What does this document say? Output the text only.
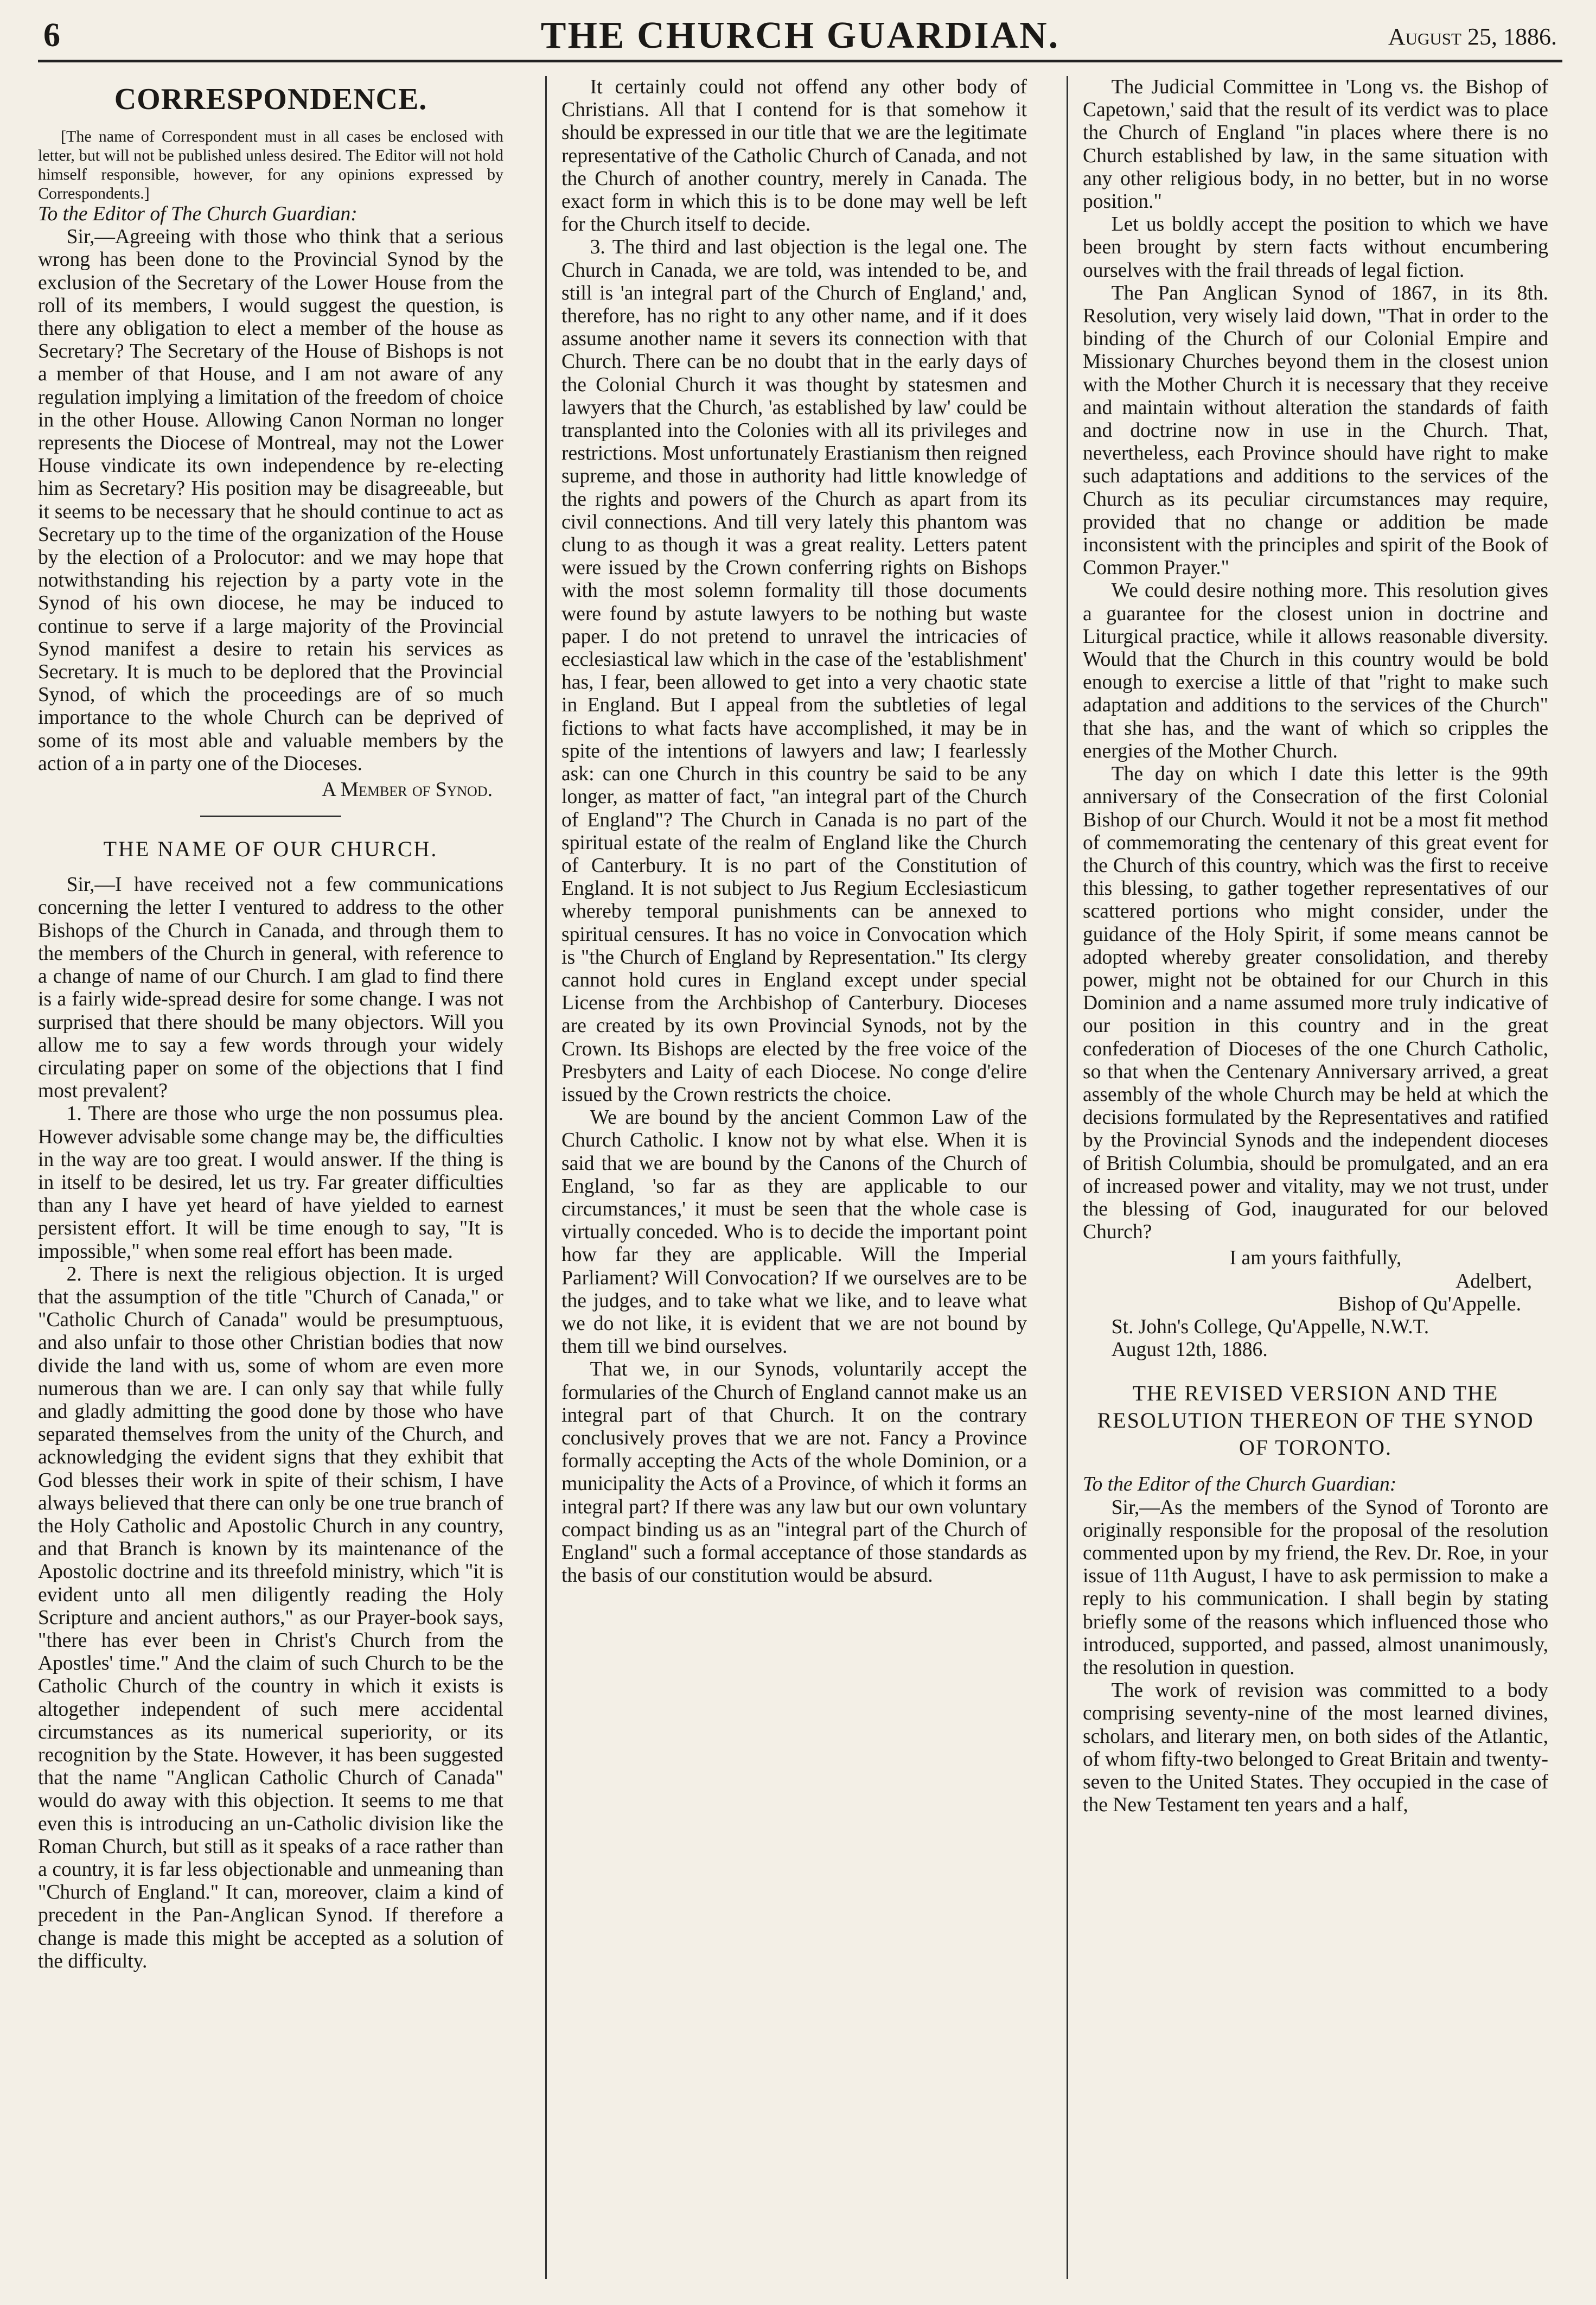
6	THE CHURCH GUARDIAN.	August 25, 1886.
CORRESPONDENCE.

[The name of Correspondent must in all cases be enclosed with letter, but will not be published unless desired. The Editor will not hold himself responsible, however, for any opinions expressed by Correspondents.]

To the Editor of The Church Guardian:

Sir,—Agreeing with those who think that a serious wrong has been done to the Provincial Synod by the exclusion of the Secretary of the Lower House from the roll of its members, I would suggest the question, is there any obligation to elect a member of the house as Secretary? The Secretary of the House of Bishops is not a member of that House, and I am not aware of any regulation implying a limitation of the freedom of choice in the other House. Allowing Canon Norman no longer represents the Diocese of Montreal, may not the Lower House vindicate its own independence by re-electing him as Secretary? His position may be disagreeable, but it seems to be necessary that he should continue to act as Secretary up to the time of the organization of the House by the election of a Prolocutor: and we may hope that notwithstanding his rejection by a party vote in the Synod of his own diocese, he may be induced to continue to serve if a large majority of the Provincial Synod manifest a desire to retain his services as Secretary. It is much to be deplored that the Provincial Synod, of which the proceedings are of so much importance to the whole Church can be deprived of some of its most able and valuable members by the action of a in party one of the Dioceses.

A Member of Synod.
THE NAME OF OUR CHURCH.

Sir,—I have received not a few communications concerning the letter I ventured to address to the other Bishops of the Church in Canada, and through them to the members of the Church in general, with reference to a change of name of our Church. I am glad to find there is a fairly wide-spread desire for some change. I was not surprised that there should be many objectors. Will you allow me to say a few words through your widely circulating paper on some of the objections that I find most prevalent?

1. There are those who urge the non possumus plea. However advisable some change may be, the difficulties in the way are too great. I would answer. If the thing is in itself to be desired, let us try. Far greater difficulties than any I have yet heard of have yielded to earnest persistent effort. It will be time enough to say, "It is impossible," when some real effort has been made.

2. There is next the religious objection. It is urged that the assumption of the title "Church of Canada," or "Catholic Church of Canada" would be presumptuous, and also unfair to those other Christian bodies that now divide the land with us, some of whom are even more numerous than we are. I can only say that while fully and gladly admitting the good done by those who have separated themselves from the unity of the Church, and acknowledging the evident signs that they exhibit that God blesses their work in spite of their schism, I have always believed that there can only be one true branch of the Holy Catholic and Apostolic Church in any country, and that Branch is known by its maintenance of the Apostolic doctrine and its threefold ministry, which "it is evident unto all men diligently reading the Holy Scripture and ancient authors," as our Prayer-book says, "there has ever been in Christ's Church from the Apostles' time." And the claim of such Church to be the Catholic Church of the country in which it exists is altogether independent of such mere accidental circumstances as its numerical superiority, or its recognition by the State. However, it has been suggested that the name "Anglican Catholic Church of Canada" would do away with this objection. It seems to me that even this is introducing an un-Catholic division like the Roman Church, but still as it speaks of a race rather than a country, it is far less objectionable and unmeaning than "Church of England." It can, moreover, claim a kind of precedent in the Pan-Anglican Synod. If therefore a change is made this might be accepted as a solution of the difficulty.

It certainly could not offend any other body of Christians. All that I contend for is that somehow it should be expressed in our title that we are the legitimate representative of the Catholic Church of Canada, and not the Church of another country, merely in Canada. The exact form in which this is to be done may well be left for the Church itself to decide.

3. The third and last objection is the legal one. The Church in Canada, we are told, was intended to be, and still is 'an integral part of the Church of England,' and, therefore, has no right to any other name, and if it does assume another name it severs its connection with that Church. There can be no doubt that in the early days of the Colonial Church it was thought by statesmen and lawyers that the Church, 'as established by law' could be transplanted into the Colonies with all its privileges and restrictions. Most unfortunately Erastianism then reigned supreme, and those in authority had little knowledge of the rights and powers of the Church as apart from its civil connections. And till very lately this phantom was clung to as though it was a great reality. Letters patent were issued by the Crown conferring rights on Bishops with the most solemn formality till those documents were found by astute lawyers to be nothing but waste paper. I do not pretend to unravel the intricacies of ecclesiastical law which in the case of the 'establishment' has, I fear, been allowed to get into a very chaotic state in England. But I appeal from the subtleties of legal fictions to what facts have accomplished, it may be in spite of the intentions of lawyers and law; I fearlessly ask: can one Church in this country be said to be any longer, as matter of fact, "an integral part of the Church of England"? The Church in Canada is no part of the spiritual estate of the realm of England like the Church of Canterbury. It is no part of the Constitution of England. It is not subject to Jus Regium Ecclesiasticum whereby temporal punishments can be annexed to spiritual censures. It has no voice in Convocation which is "the Church of England by Representation." Its clergy cannot hold cures in England except under special License from the Archbishop of Canterbury. Dioceses are created by its own Provincial Synods, not by the Crown. Its Bishops are elected by the free voice of the Presbyters and Laity of each Diocese. No conge d'elire issued by the Crown restricts the choice.

We are bound by the ancient Common Law of the Church Catholic. I know not by what else. When it is said that we are bound by the Canons of the Church of England, 'so far as they are applicable to our circumstances,' it must be seen that the whole case is virtually conceded. Who is to decide the important point how far they are applicable. Will the Imperial Parliament? Will Convocation? If we ourselves are to be the judges, and to take what we like, and to leave what we do not like, it is evident that we are not bound by them till we bind ourselves.

That we, in our Synods, voluntarily accept the formularies of the Church of England cannot make us an integral part of that Church. It on the contrary conclusively proves that we are not. Fancy a Province formally accepting the Acts of the whole Dominion, or a municipality the Acts of a Province, of which it forms an integral part? If there was any law but our own voluntary compact binding us as an "integral part of the Church of England" such a formal acceptance of those standards as the basis of our constitution would be absurd.

The Judicial Committee in 'Long vs. the Bishop of Capetown,' said that the result of its verdict was to place the Church of England "in places where there is no Church established by law, in the same situation with any other religious body, in no better, but in no worse position."

Let us boldly accept the position to which we have been brought by stern facts without encumbering ourselves with the frail threads of legal fiction.

The Pan Anglican Synod of 1867, in its 8th. Resolution, very wisely laid down, "That in order to the binding of the Church of our Colonial Empire and Missionary Churches beyond them in the closest union with the Mother Church it is necessary that they receive and maintain without alteration the standards of faith and doctrine now in use in the Church. That, nevertheless, each Province should have right to make such adaptations and additions to the services of the Church as its peculiar circumstances may require, provided that no change or addition be made inconsistent with the principles and spirit of the Book of Common Prayer."

We could desire nothing more. This resolution gives a guarantee for the closest union in doctrine and Liturgical practice, while it allows reasonable diversity. Would that the Church in this country would be bold enough to exercise a little of that "right to make such adaptation and additions to the services of the Church" that she has, and the want of which so cripples the energies of the Mother Church.

The day on which I date this letter is the 99th anniversary of the Consecration of the first Colonial Bishop of our Church. Would it not be a most fit method of commemorating the centenary of this great event for the Church of this country, which was the first to receive this blessing, to gather together representatives of our scattered portions who might consider, under the guidance of the Holy Spirit, if some means cannot be adopted whereby greater consolidation, and thereby power, might not be obtained for our Church in this Dominion and a name assumed more truly indicative of our position in this country and in the great confederation of Dioceses of the one Church Catholic, so that when the Centenary Anniversary arrived, a great assembly of the whole Church may be held at which the decisions formulated by the Representatives and ratified by the Provincial Synods and the independent dioceses of British Columbia, should be promulgated, and an era of increased power and vitality, may we not trust, under the blessing of God, inaugurated for our beloved Church?

I am yours faithfully,
Adelbert,
Bishop of Qu'Appelle.

St. John's College, Qu'Appelle, N.W.T.

August 12th, 1886.

THE REVISED VERSION AND THE RESOLUTION THEREON OF THE SYNOD OF TORONTO.

To the Editor of the Church Guardian:

Sir,—As the members of the Synod of Toronto are originally responsible for the proposal of the resolution commented upon by my friend, the Rev. Dr. Roe, in your issue of 11th August, I have to ask permission to make a reply to his communication. I shall begin by stating briefly some of the reasons which influenced those who introduced, supported, and passed, almost unanimously, the resolution in question.

The work of revision was committed to a body comprising seventy-nine of the most learned divines, scholars, and literary men, on both sides of the Atlantic, of whom fifty-two belonged to Great Britain and twenty-seven to the United States. They occupied in the case of the New Testament ten years and a half,
